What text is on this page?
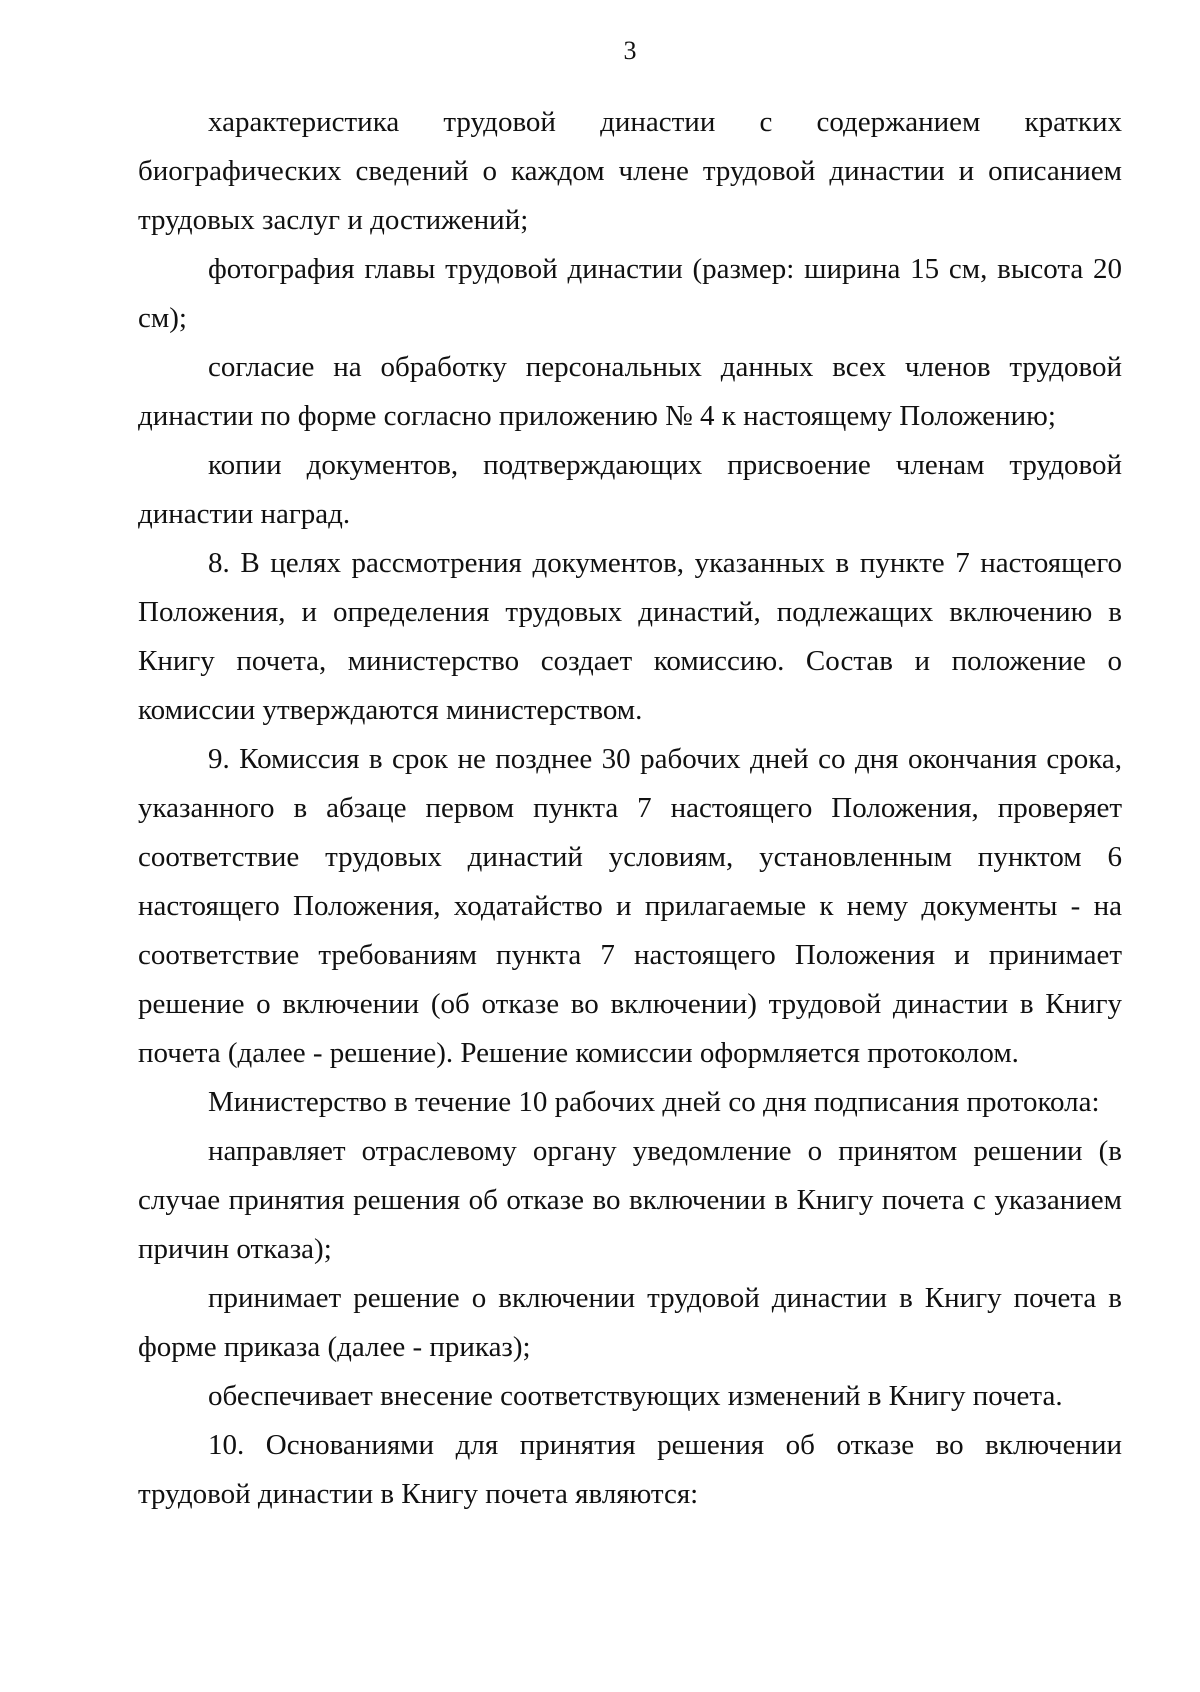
3

характеристика трудовой династии с содержанием кратких биографических сведений о каждом члене трудовой династии и описанием трудовых заслуг и достижений;

фотография главы трудовой династии (размер: ширина 15 см, высота 20 см);

согласие на обработку персональных данных всех членов трудовой династии по форме согласно приложению № 4 к настоящему Положению;

копии документов, подтверждающих присвоение членам трудовой династии наград.

8. В целях рассмотрения документов, указанных в пункте 7 настоящего Положения, и определения трудовых династий, подлежащих включению в Книгу почета, министерство создает комиссию. Состав и положение о комиссии утверждаются министерством.

9. Комиссия в срок не позднее 30 рабочих дней со дня окончания срока, указанного в абзаце первом пункта 7 настоящего Положения, проверяет соответствие трудовых династий условиям, установленным пунктом 6 настоящего Положения, ходатайство и прилагаемые к нему документы - на соответствие требованиям пункта 7 настоящего Положения и принимает решение о включении (об отказе во включении) трудовой династии в Книгу почета (далее - решение). Решение комиссии оформляется протоколом.

Министерство в течение 10 рабочих дней со дня подписания протокола:

направляет отраслевому органу уведомление о принятом решении (в случае принятия решения об отказе во включении в Книгу почета с указанием причин отказа);

принимает решение о включении трудовой династии в Книгу почета в форме приказа (далее - приказ);

обеспечивает внесение соответствующих изменений в Книгу почета.

10. Основаниями для принятия решения об отказе во включении трудовой династии в Книгу почета являются:
